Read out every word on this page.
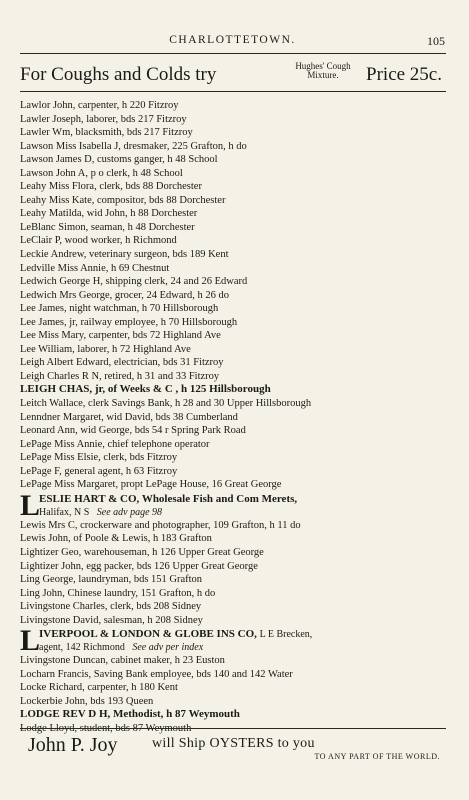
CHARLOTTETOWN.	105
For Coughs and Colds try	Hughes' Cough
Mixture.	Price 25c.
Lawlor John, carpenter, h 220 Fitzroy
Lawler Joseph, laborer, bds 217 Fitzroy
Lawler Wm, blacksmith, bds 217 Fitzroy
Lawson Miss Isabella J, dresmaker, 225 Grafton, h do
Lawson James D, customs ganger, h 48 School
Lawson John A, p o clerk, h 48 School
Leahy Miss Flora, clerk, bds 88 Dorchester
Leahy Miss Kate, compositor, bds 88 Dorchester
Leahy Matilda, wid John, h 88 Dorchester
LeBlanc Simon, seaman, h 48 Dorchester
LeClair P, wood worker, h Richmond
Leckie Andrew, veterinary surgeon, bds 189 Kent
Ledville Miss Annie, h 69 Chestnut
Ledwich George H, shipping clerk, 24 and 26 Edward
Ledwich Mrs George, grocer, 24 Edward, h 26 do
Lee James, night watchman, h 70 Hillsborough
Lee James, jr, railway employee, h 70 Hillsborough
Lee Miss Mary, carpenter, bds 72 Highland Ave
Lee William, laborer, h 72 Highland Ave
Leigh Albert Edward, electrician, bds 31 Fitzroy
Leigh Charles R N, retired, h 31 and 33 Fitzroy
LEIGH CHAS, jr, of Weeks & C , h 125 Hillsborough
Leitch Wallace, clerk Savings Bank, h 28 and 30 Upper Hillsborough
Lenndner Margaret, wid David, bds 38 Cumberland
Leonard Ann, wid George, bds 54 r Spring Park Road
LePage Miss Annie, chief telephone operator
LePage Miss Elsie, clerk, bds Fitzroy
LePage F, general agent, h 63 Fitzroy
LePage Miss Margaret, propt LePage House, 16 Great George
L
ESLIE HART & CO, Wholesale Fish and Com Merets,
Halifax, N S See adv page 98
Lewis Mrs C, crockerware and photographer, 109 Grafton, h 11 do
Lewis John, of Poole & Lewis, h 183 Grafton
Lightizer Geo, warehouseman, h 126 Upper Great George
Lightizer John, egg packer, bds 126 Upper Great George
Ling George, laundryman, bds 151 Grafton
Ling John, Chinese laundry, 151 Grafton, h do
Livingstone Charles, clerk, bds 208 Sidney
Livingstone David, salesman, h 208 Sidney
L
IVERPOOL & LONDON & GLOBE INS CO, L E Brecken,
agent, 142 Richmond See adv per index
Livingstone Duncan, cabinet maker, h 23 Euston
Locharn Francis, Saving Bank employee, bds 140 and 142 Water
Locke Richard, carpenter, h 180 Kent
Lockerbie John, bds 193 Queen
LODGE REV D H, Methodist, h 87 Weymouth
Lodge Lloyd, student, bds 87 Weymouth
John P. Joy will Ship OYSTERS to you
TO ANY PART OF THE WORLD.
